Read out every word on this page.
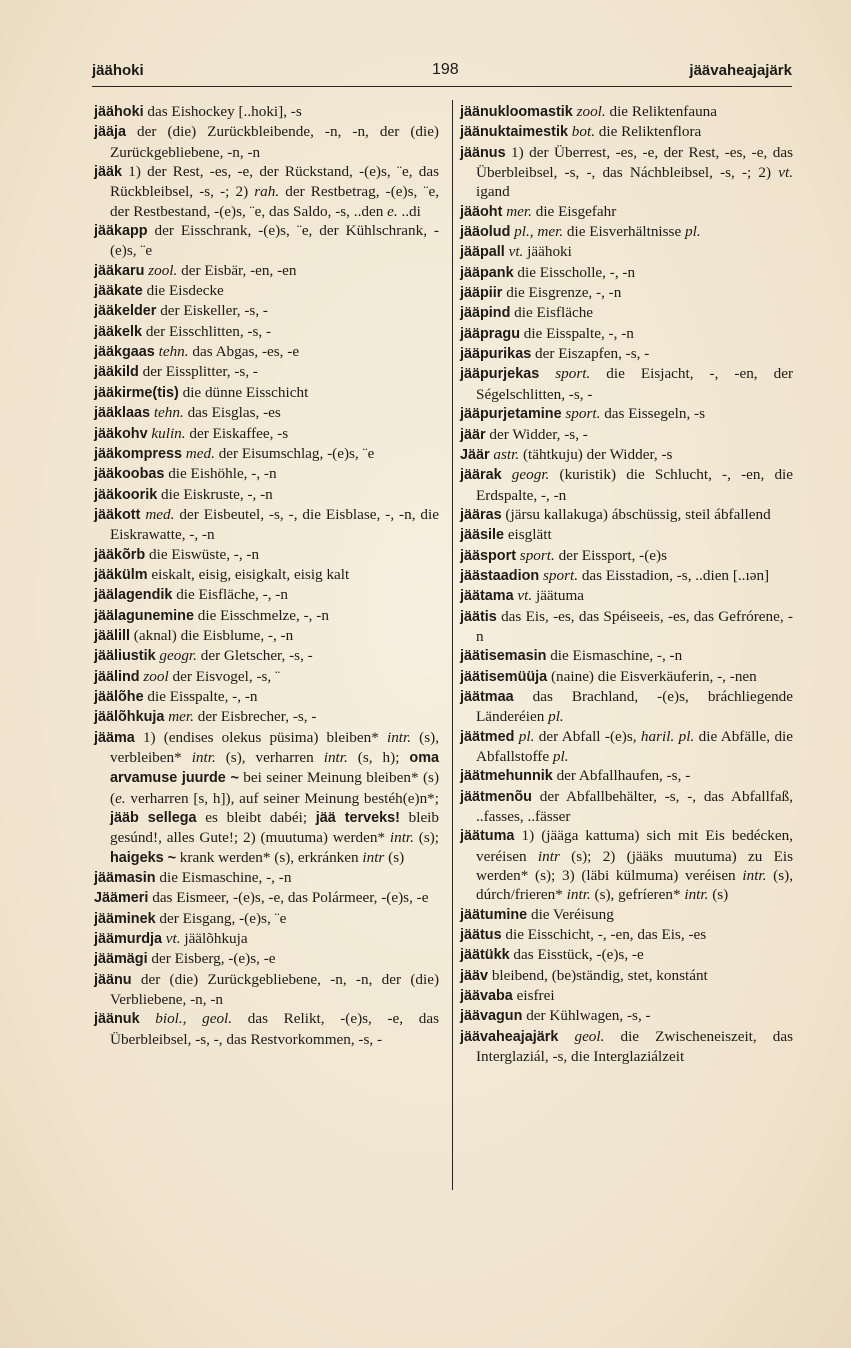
jäähoki	198	jäävaheajajärk

jäähoki das Eishockey [..hoki], -s

jääja der (die) Zurückbleibende, -n, -n, der (die) Zurückgebliebene, -n, -n

jääk 1) der Rest, -es, -e, der Rückstand, -(e)s, ¨e, das Rückbleibsel, -s, -; 2) rah. der Restbetrag, -(e)s, ¨e, der Restbestand, -(e)s, ¨e, das Saldo, -s, ..den e. ..di

jääkapp der Eisschrank, -(e)s, ¨e, der Kühlschrank, -(e)s, ¨e

jääkaru zool. der Eisbär, -en, -en

jääkate die Eisdecke

jääkelder der Eiskeller, -s, -

jääkelk der Eisschlitten, -s, -

jääkgaas tehn. das Abgas, -es, -e

jääkild der Eissplitter, -s, -

jääkirme(tis) die dünne Eisschicht

jääklaas tehn. das Eisglas, -es

jääkohv kulin. der Eiskaffee, -s

jääkompress med. der Eisumschlag, -(e)s, ¨e

jääkoobas die Eishöhle, -, -n

jääkoorik die Eiskruste, -, -n

jääkott med. der Eisbeutel, -s, -, die Eisblase, -, -n, die Eiskrawatte, -, -n

jääkõrb die Eiswüste, -, -n

jääkülm eiskalt, eisig, eisigkalt, eisig kalt

jäälagendik die Eisfläche, -, -n

jäälagunemine die Eisschmelze, -, -n

jäälill (aknal) die Eisblume, -, -n

jääliustik geogr. der Gletscher, -s, -

jäälind zool der Eisvogel, -s, ¨

jäälõhe die Eisspalte, -, -n

jäälõhkuja mer. der Eisbrecher, -s, -

jääma 1) (endises olekus püsima) bleiben* intr. (s), verbleiben* intr. (s), verharren intr. (s, h); oma arvamuse juurde ~ bei seiner Meinung bleiben* (s) (e. verharren [s, h]), auf seiner Meinung bestéh(e)n*; jääb sellega es bleibt dabéi; jää terveks! bleib gesúnd!, alles Gute!; 2) (muutuma) werden* intr. (s); haigeks ~ krank werden* (s), erkránken intr (s)

jäämasin die Eismaschine, -, -n

Jäämeri das Eismeer, -(e)s, -e, das Polármeer, -(e)s, -e

jääminek der Eisgang, -(e)s, ¨e

jäämurdja vt. jäälõhkuja

jäämägi der Eisberg, -(e)s, -e

jäänu der (die) Zurückgebliebene, -n, -n, der (die) Verbliebene, -n, -n

jäänuk biol., geol. das Relikt, -(e)s, -e, das Überbleibsel, -s, -, das Restvorkommen, -s, -

jäänukloomastik zool. die Reliktenfauna

jäänuktaimestik bot. die Reliktenflora

jäänus 1) der Überrest, -es, -e, der Rest, -es, -e, das Überbleibsel, -s, -, das Náchbleibsel, -s, -; 2) vt. igand

jääoht mer. die Eisgefahr

jääolud pl., mer. die Eisverhältnisse pl.

jääpall vt. jäähoki

jääpank die Eisscholle, -, -n

jääpiir die Eisgrenze, -, -n

jääpind die Eisfläche

jääpragu die Eisspalte, -, -n

jääpurikas der Eiszapfen, -s, -

jääpurjekas sport. die Eisjacht, -, -en, der Ségelschlitten, -s, -

jääpurjetamine sport. das Eissegeln, -s

jäär der Widder, -s, -

Jäär astr. (tähtkuju) der Widder, -s

jäärak geogr. (kuristik) die Schlucht, -, -en, die Erdspalte, -, -n

jääras (järsu kallakuga) ábschüssig, steil ábfallend

jääsile eisglätt

jääsport sport. der Eissport, -(e)s

jäästaadion sport. das Eisstadion, -s, ..dien [..ıən]

jäätama vt. jäätuma

jäätis das Eis, -es, das Spéiseeis, -es, das Gefrórene, -n

jäätisemasin die Eismaschine, -, -n

jäätisemüüja (naine) die Eisverkäuferin, -, -nen

jäätmaa das Brachland, -(e)s, bráchliegende Länderéien pl.

jäätmed pl. der Abfall -(e)s, haril. pl. die Abfälle, die Abfallstoffe pl.

jäätmehunnik der Abfallhaufen, -s, -

jäätmenõu der Abfallbehälter, -s, -, das Abfallfaß, ..fasses, ..fässer

jäätuma 1) (jääga kattuma) sich mit Eis bedécken, veréisen intr (s); 2) (jääks muutuma) zu Eis werden* (s); 3) (läbi külmuma) veréisen intr. (s), dúrch/frieren* intr. (s), gefríeren* intr. (s)

jäätumine die Veréisung

jäätus die Eisschicht, -, -en, das Eis, -es

jäätükk das Eisstück, -(e)s, -e

jääv bleibend, (be)ständig, stet, konstánt

jäävaba eisfrei

jäävagun der Kühlwagen, -s, -

jäävaheajajärk geol. die Zwischeneiszeit, das Interglaziál, -s, die Interglaziálzeit
